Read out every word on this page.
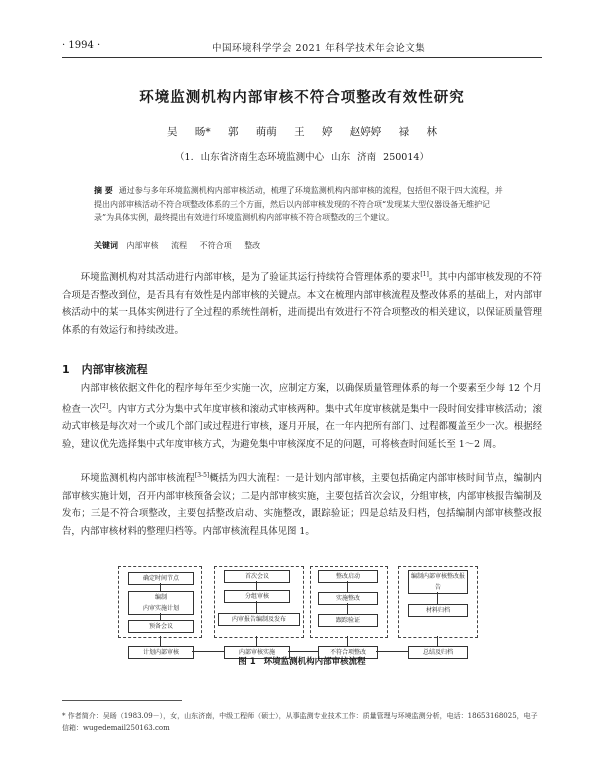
· 1994 ·	中国环境科学学会 2021 年科学技术年会论文集
环境监测机构内部审核不符合项整改有效性研究
吴 旸* 郭 萌萌 王 婷 赵婷婷 禄 林
（1. 山东省济南生态环境监测中心 山东 济南 250014）
摘 要 通过参与多年环境监测机构内部审核活动，梳理了环境监测机构内部审核的流程，包括但不限于四大流程，并提出内部审核活动不符合项整改体系的三个方面，然后以内部审核发现的不符合项“发现某大型仪器设备无维护记录”为具体实例，最终提出有效进行环境监测机构内部审核不符合项整改的三个建议。
关键词 内部审核 流程 不符合项 整改
环境监测机构对其活动进行内部审核，是为了验证其运行持续符合管理体系的要求[1]。其中内部审核发现的不符合项是否整改到位，是否具有有效性是内部审核的关键点。本文在梳理内部审核流程及整改体系的基础上，对内部审核活动中的某一具体实例进行了全过程的系统性剖析，进而提出有效进行不符合项整改的相关建议，以保证质量管理体系的有效运行和持续改进。
1 内部审核流程
内部审核依据文件化的程序每年至少实施一次，应制定方案，以确保质量管理体系的每一个要素至少每 12 个月检查一次[2]。内审方式分为集中式年度审核和滚动式审核两种。集中式年度审核就是集中一段时间安排审核活动；滚动式审核是每次对一个或几个部门或过程进行审核，逐月开展，在一年内把所有部门、过程都覆盖至少一次。根据经验，建议优先选择集中式年度审核方式，为避免集中审核深度不足的问题，可将核查时间延长至 1～2 周。
环境监测机构内部审核流程[3-5]概括为四大流程：一是计划内部审核，主要包括确定内部审核时间节点，编制内部审核实施计划，召开内部审核预备会议；二是内部审核实施，主要包括首次会议，分组审核，内部审核报告编制及发布；三是不符合项整改，主要包括整改启动、实施整改，跟踪验证；四是总结及归档，包括编制内部审核整改报告，内部审核材料的整理归档等。内部审核流程具体见图 1。
确定时间节点
编制
内审实施计划
预备会议
计划内部审核
首次会议
分组审核
内审报告编制及发布
内部审核实施
整改启动
实施整改
跟踪验证
不符合项整改
编制内部审核整改报告
材料归档
总结及归档
图 1 环境监测机构内部审核流程
* 作者简介：吴旸（1983.09－），女，山东济南，中级工程师（硕士），从事监测专业技术工作：质量管理与环境监测分析，电话：18653168025，电子信箱：wugedemail250163.com
